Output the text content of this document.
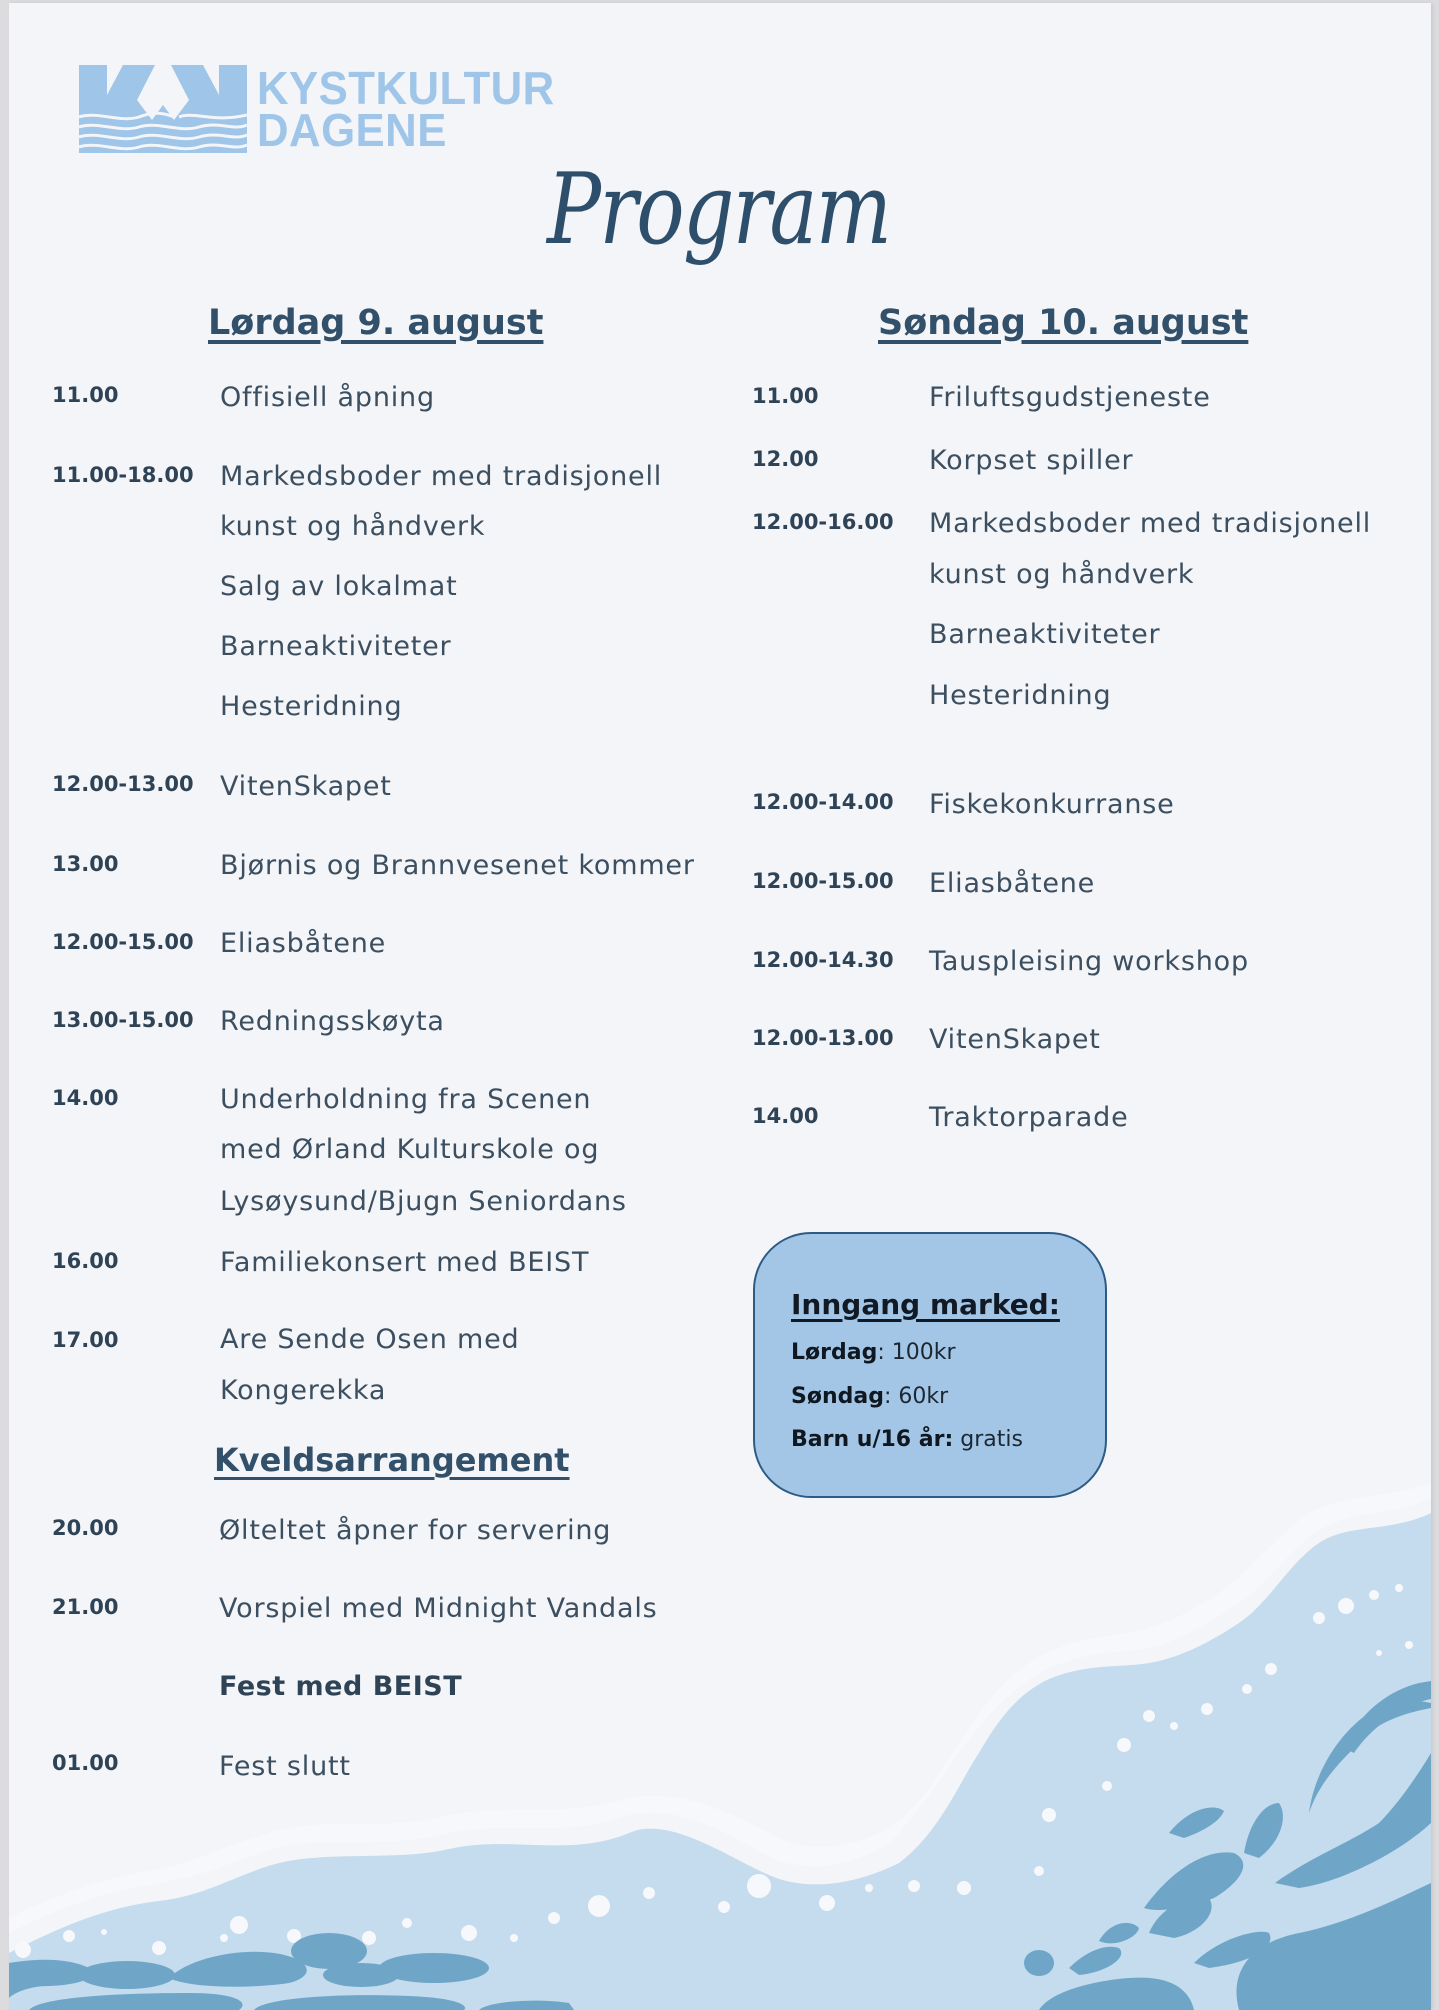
KYSTKULTUR
DAGENE
Program
Lørdag 9. august	Søndag 10. august
11.00	Offisiell åpning
11.00-18.00 Markedsboder med tradisjonell
kunst og håndverk
Salg av lokalmat
Barneaktiviteter
Hesteridning
12.00-13.00 VitenSkapet
13.00	Bjørnis og Brannvesenet kommer
12.00-15.00 Eliasbåtene
13.00-15.00 Redningsskøyta
14.00	Underholdning fra Scenen
med Ørland Kulturskole og
Lysøysund/Bjugn Seniordans
16.00	Familiekonsert med BEIST
17.00	Are Sende Osen med
Kongerekka
Kveldsarrangement
20.00	Ølteltet åpner for servering
21.00	Vorspiel med Midnight Vandals
Fest med BEIST
01.00	Fest slutt
11.00	Friluftsgudstjeneste
12.00	Korpset spiller
12.00-16.00 Markedsboder med tradisjonell
kunst og håndverk
Barneaktiviteter
Hesteridning
12.00-14.00 Fiskekonkurranse
12.00-15.00 Eliasbåtene
12.00-14.30 Tauspleising workshop
12.00-13.00 VitenSkapet
14.00	Traktorparade
Inngang marked:
Lørdag: 100kr
Søndag: 60kr
Barn u/16 år: gratis
